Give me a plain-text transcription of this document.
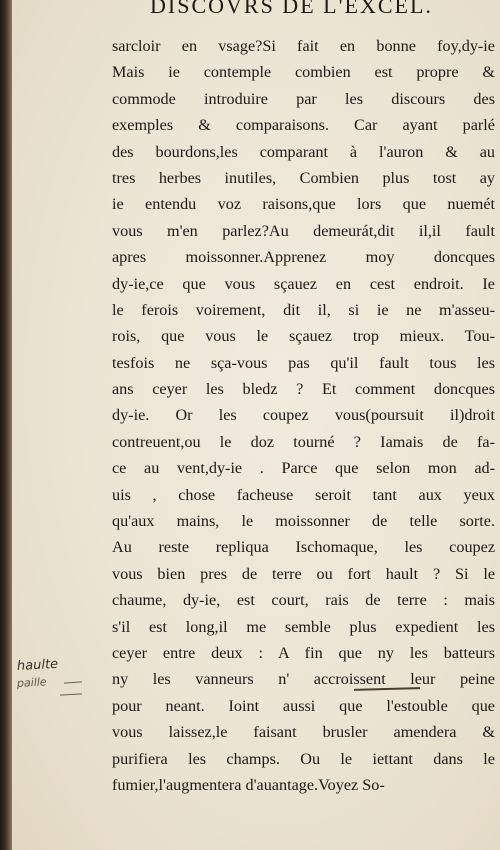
DISCOVRS DE L'EXCEL.
haulte
paille
sarcloir en vsage?Si fait en bonne foy,dy-ie
Mais ie contemple combien est propre &
commode introduire par les discours des
exemples & comparaisons. Car ayant parlé
des bourdons,les comparant à l'auron & au
tres herbes inutiles, Combien plus tost ay
ie entendu voz raisons,que lors que nuemét
vous m'en parlez?Au demeurát,dit il,il fault
apres moissonner.Apprenez moy doncques
dy-ie,ce que vous sçauez en cest endroit. Ie
le ferois voirement, dit il, si ie ne m'asseu-
rois, que vous le sçauez trop mieux. Tou-
tesfois ne sça-vous pas qu'il fault tous les
ans ceyer les bledz ? Et comment doncques
dy-ie. Or les coupez vous(poursuit il)droit
contreuent,ou le doz tourné ? Iamais de fa-
ce au vent,dy-ie . Parce que selon mon ad-
uis , chose facheuse seroit tant aux yeux
qu'aux mains, le moissonner de telle sorte.
Au reste repliqua Ischomaque, les coupez
vous bien pres de terre ou fort hault ? Si le
chaume, dy-ie, est court, rais de terre : mais
s'il est long,il me semble plus expedient les
ceyer entre deux : A fin que ny les batteurs
ny les vanneurs n' accroissent leur peine
pour neant. Ioint aussi que l'estouble que
vous laissez,le faisant brusler amendera &
purifiera les champs. Ou le iettant dans le
fumier,l'augmentera d'auantage.Voyez So-
